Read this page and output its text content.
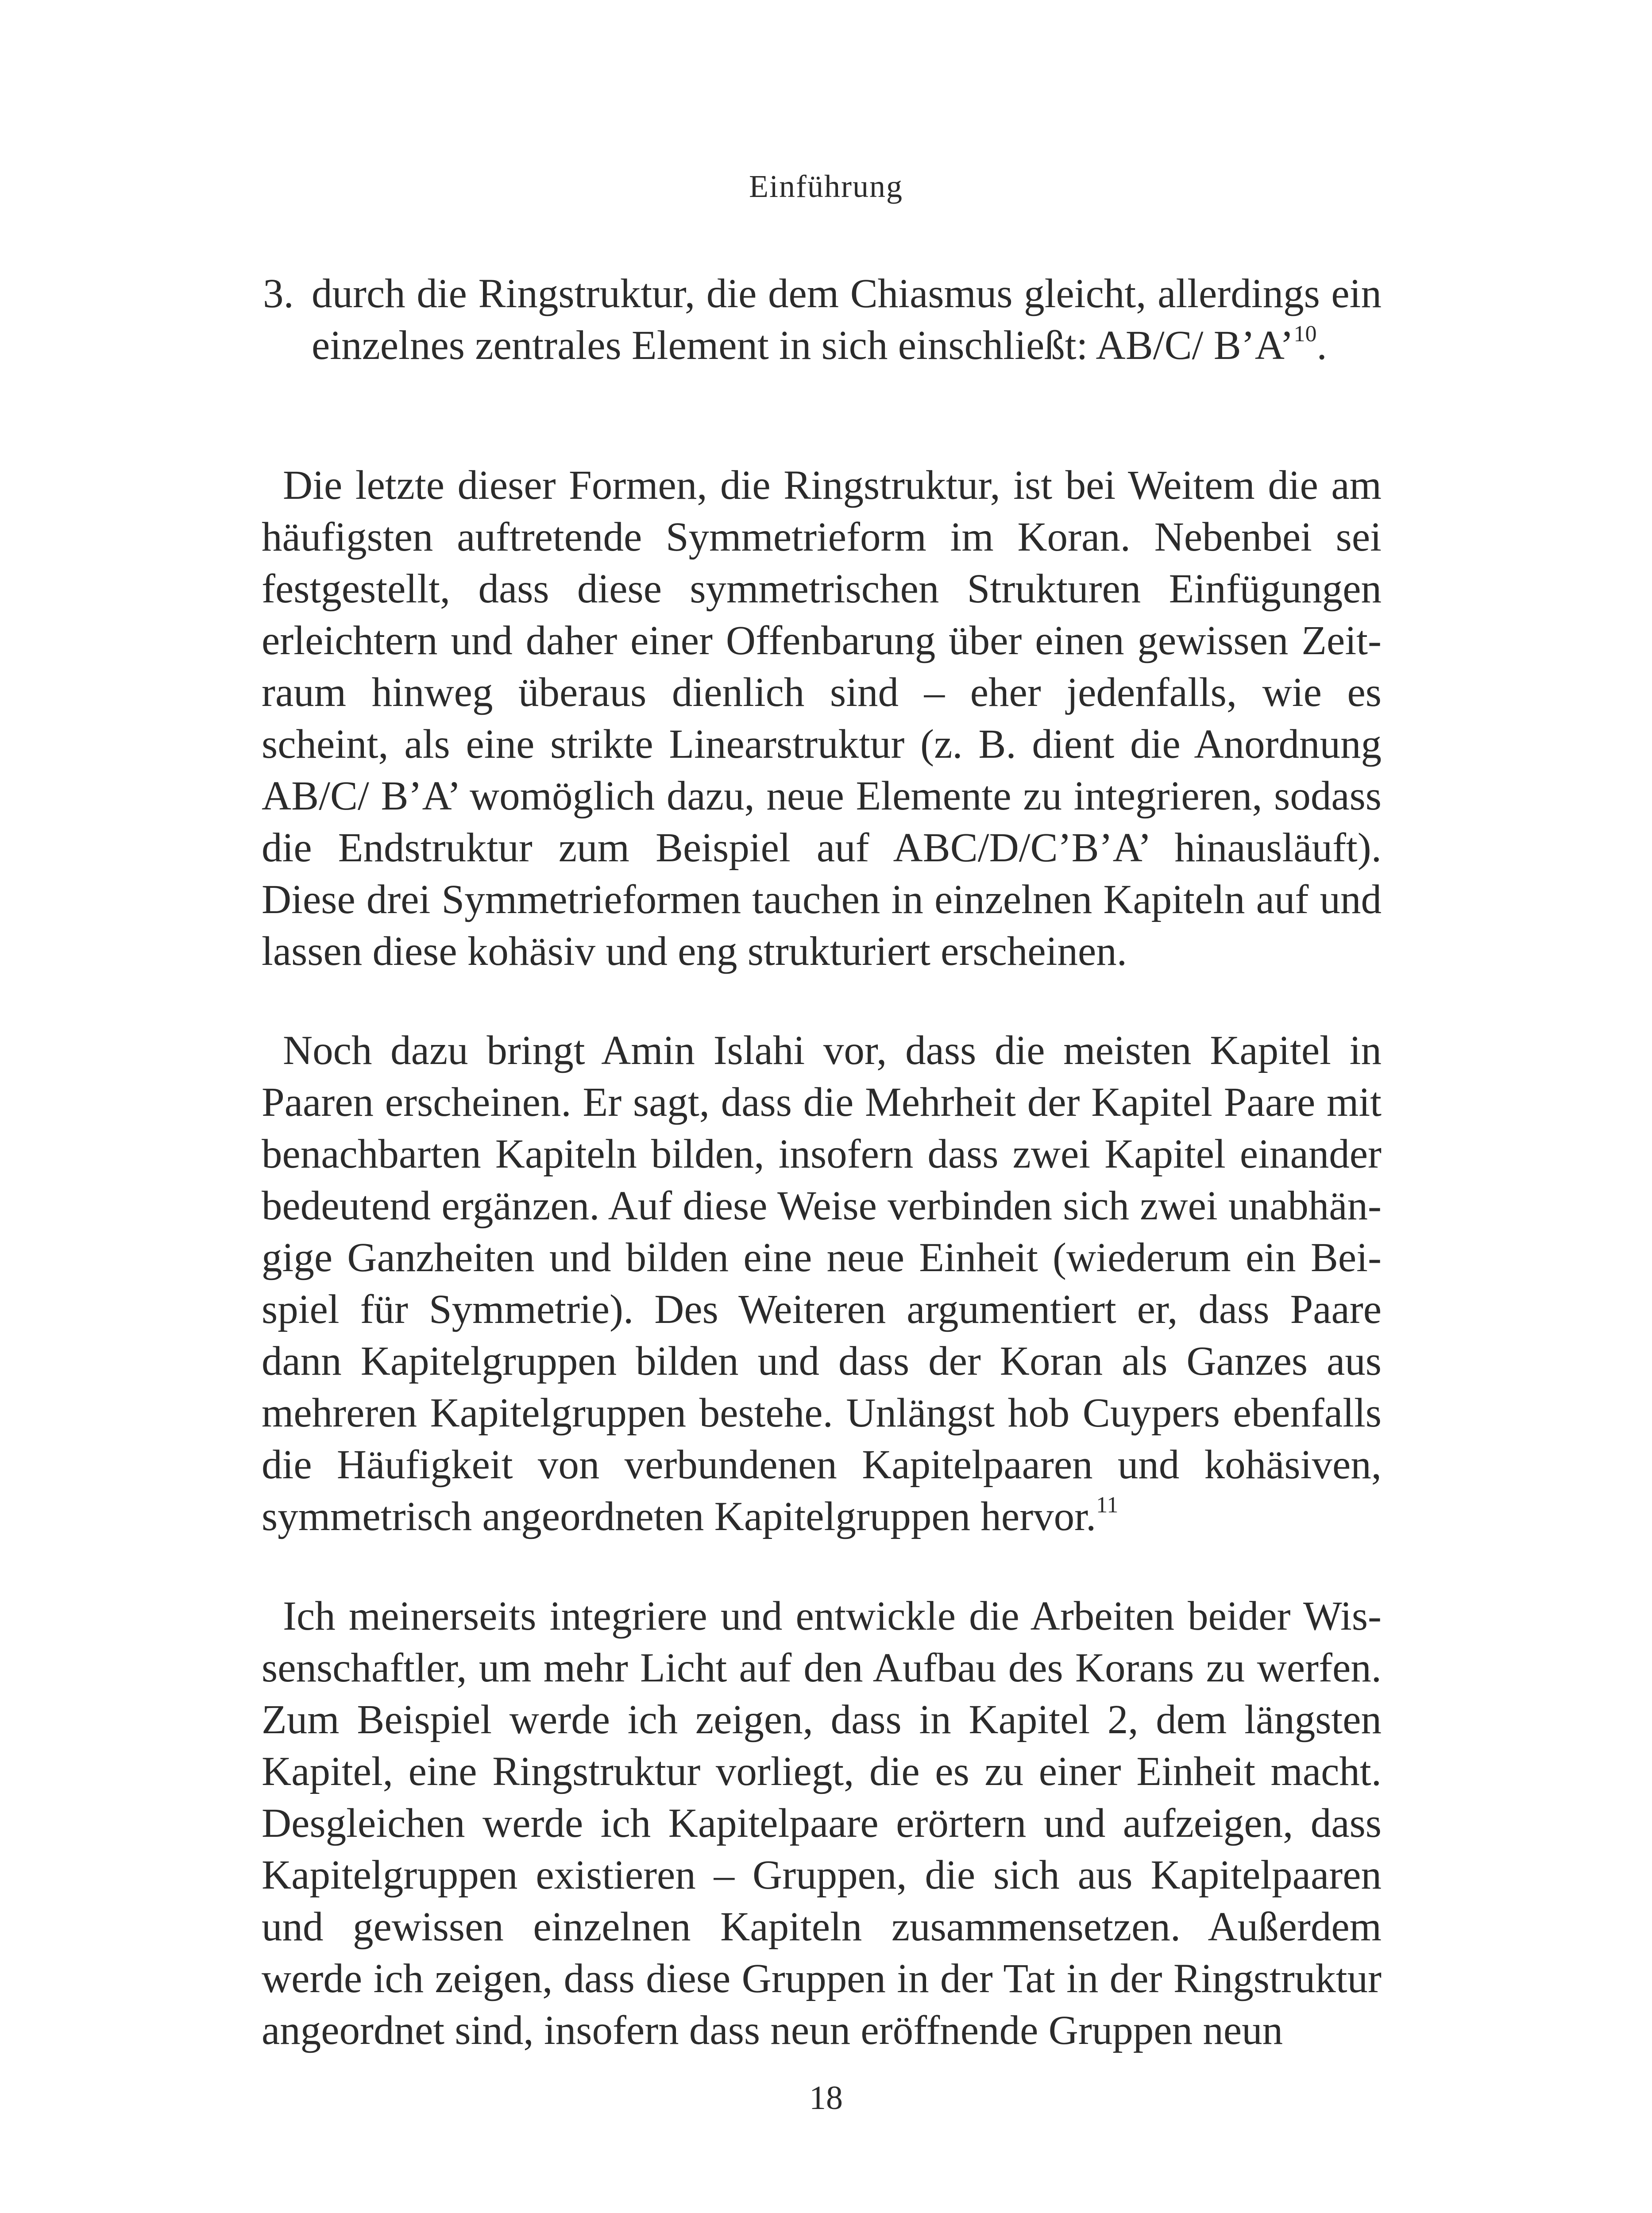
Einführung
3. durch die Ringstruktur, die dem Chiasmus gleicht, allerdings ein einzelnes zentrales Element in sich einschließt: AB/C/ B’A’$^{10}$.
Die letzte dieser Formen, die Ringstruktur, ist bei Weitem die am häufigsten auftretende Symmetrieform im Koran. Nebenbei sei festgestellt, dass diese symmetrischen Strukturen Einfügungen erleichtern und daher einer Offenbarung über einen gewissen Zeitraum hinweg überaus dienlich sind – eher jedenfalls, wie es scheint, als eine strikte Linearstruktur (z. B. dient die Anordnung AB/C/ B’A’ womöglich dazu, neue Elemente zu integrieren, sodass die Endstruktur zum Beispiel auf ABC/D/C’B’A’ hinausläuft). Diese drei Symmetrieformen tauchen in einzelnen Kapiteln auf und lassen diese kohäsiv und eng strukturiert erscheinen.
Noch dazu bringt Amin Islahi vor, dass die meisten Kapitel in Paaren erscheinen. Er sagt, dass die Mehrheit der Kapitel Paare mit benachbarten Kapiteln bilden, insofern dass zwei Kapitel einander bedeutend ergänzen. Auf diese Weise verbinden sich zwei unabhängige Ganzheiten und bilden eine neue Einheit (wiederum ein Beispiel für Symmetrie). Des Weiteren argumentiert er, dass Paare dann Kapitelgruppen bilden und dass der Koran als Ganzes aus mehreren Kapitelgruppen bestehe. Unlängst hob Cuypers ebenfalls die Häufigkeit von verbundenen Kapitelpaaren und kohäsiven, symmetrisch angeordneten Kapitelgruppen hervor.$^{11}$
Ich meinerseits integriere und entwickle die Arbeiten beider Wissenschaftler, um mehr Licht auf den Aufbau des Korans zu werfen. Zum Beispiel werde ich zeigen, dass in Kapitel 2, dem längsten Kapitel, eine Ringstruktur vorliegt, die es zu einer Einheit macht. Desgleichen werde ich Kapitelpaare erörtern und aufzeigen, dass Kapitelgruppen existieren – Gruppen, die sich aus Kapitelpaaren und gewissen einzelnen Kapiteln zusammensetzen. Außerdem werde ich zeigen, dass diese Gruppen in der Tat in der Ringstruktur angeordnet sind, insofern dass neun eröffnende Gruppen neun
18
